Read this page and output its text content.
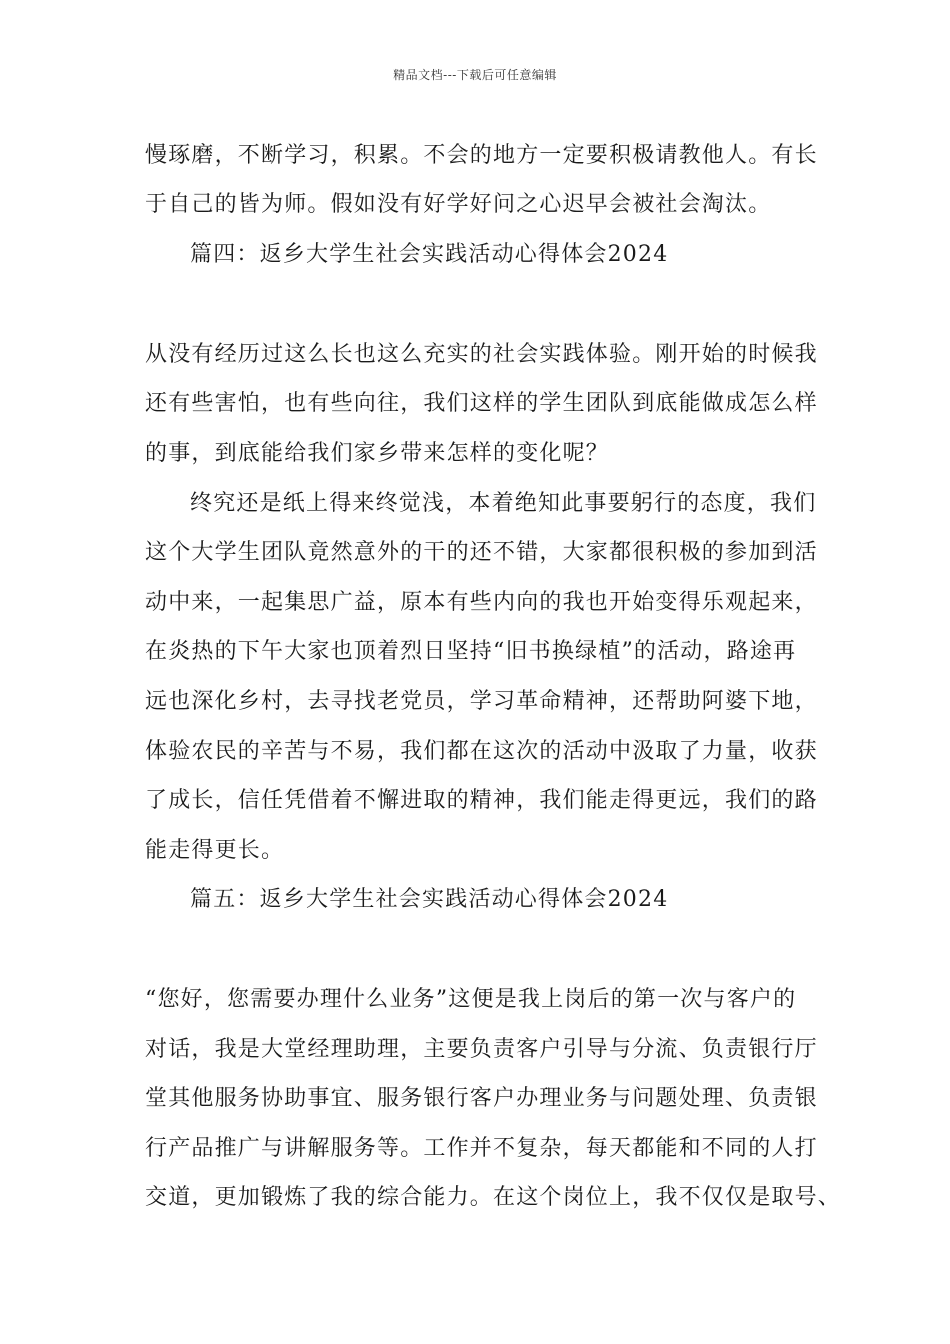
精品文档---下载后可任意编辑
慢琢磨，不断学习，积累。不会的地方一定要积极请教他人。有长
于自己的皆为师。假如没有好学好问之心迟早会被社会淘汰。
篇四：返乡大学生社会实践活动心得体会2024
从没有经历过这么长也这么充实的社会实践体验。刚开始的时候我
还有些害怕，也有些向往，我们这样的学生团队到底能做成怎么样
的事，到底能给我们家乡带来怎样的变化呢？
终究还是纸上得来终觉浅，本着绝知此事要躬行的态度，我们
这个大学生团队竟然意外的干的还不错，大家都很积极的参加到活
动中来，一起集思广益，原本有些内向的我也开始变得乐观起来，
在炎热的下午大家也顶着烈日坚持“旧书换绿植”的活动，路途再
远也深化乡村，去寻找老党员，学习革命精神，还帮助阿婆下地，
体验农民的辛苦与不易，我们都在这次的活动中汲取了力量，收获
了成长，信任凭借着不懈进取的精神，我们能走得更远，我们的路
能走得更长。
篇五：返乡大学生社会实践活动心得体会2024
“您好，您需要办理什么业务”这便是我上岗后的第一次与客户的
对话，我是大堂经理助理，主要负责客户引导与分流、负责银行厅
堂其他服务协助事宜、服务银行客户办理业务与问题处理、负责银
行产品推广与讲解服务等。工作并不复杂，每天都能和不同的人打
交道，更加锻炼了我的综合能力。在这个岗位上，我不仅仅是取号、
